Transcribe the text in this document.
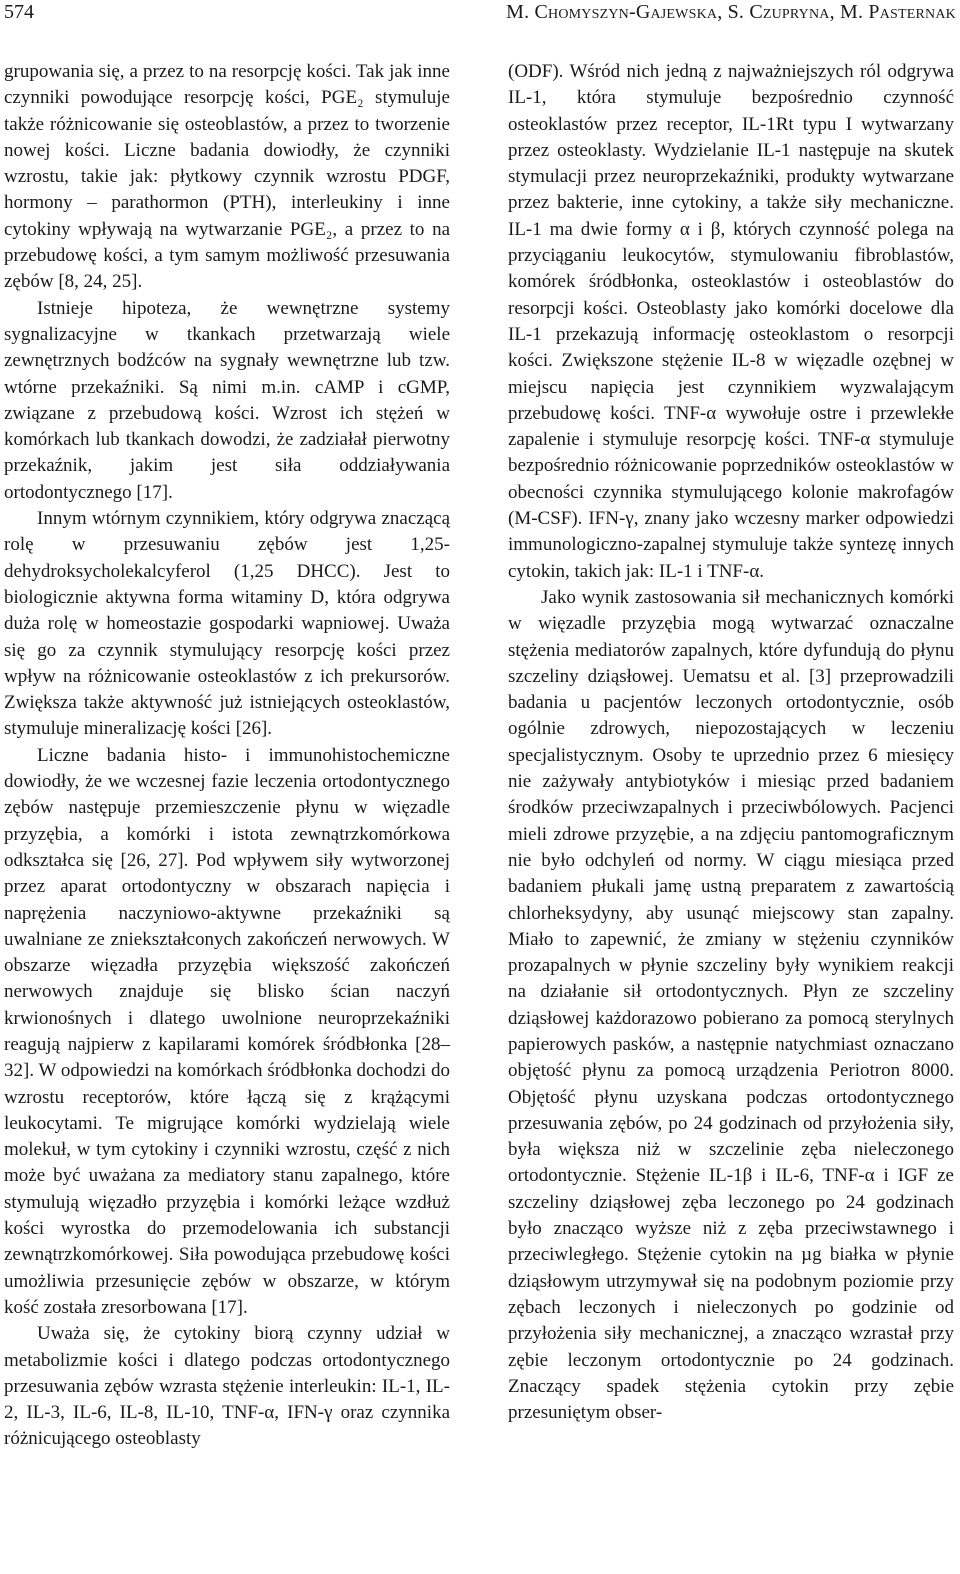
574	M. Chomyszyn-Gajewska, S. Czupryna, M. Pasternak

grupowania się, a przez to na resorpcję kości. Tak jak inne czynniki powodujące resorpcję kości, PGE₂ stymuluje także różnicowanie się osteoblastów, a przez to tworzenie nowej kości. Liczne badania dowiodły, że czynniki wzrostu, takie jak: płytkowy czynnik wzrostu PDGF, hormony – parathormon (PTH), interleukiny i inne cytokiny wpływają na wytwarzanie PGE₂, a przez to na przebudowę kości, a tym samym możliwość przesuwania zębów [8, 24, 25].

Istnieje hipoteza, że wewnętrzne systemy sygnalizacyjne w tkankach przetwarzają wiele zewnętrznych bodźców na sygnały wewnętrzne lub tzw. wtórne przekaźniki. Są nimi m.in. cAMP i cGMP, związane z przebudową kości. Wzrost ich stężeń w komórkach lub tkankach dowodzi, że zadziałał pierwotny przekaźnik, jakim jest siła oddziaływania ortodontycznego [17].

Innym wtórnym czynnikiem, który odgrywa znaczącą rolę w przesuwaniu zębów jest 1,25-dehydroksycholekalcyferol (1,25 DHCC). Jest to biologicznie aktywna forma witaminy D, która odgrywa duża rolę w homeostazie gospodarki wapniowej. Uważa się go za czynnik stymulujący resorpcję kości przez wpływ na różnicowanie osteoklastów z ich prekursorów. Zwiększa także aktywność już istniejących osteoklastów, stymuluje mineralizację kości [26].

Liczne badania histo- i immunohistochemiczne dowiodły, że we wczesnej fazie leczenia ortodontycznego zębów następuje przemieszczenie płynu w więzadle przyzębia, a komórki i istota zewnątrzkomórkowa odkształca się [26, 27]. Pod wpływem siły wytworzonej przez aparat ortodontyczny w obszarach napięcia i naprężenia naczyniowo-aktywne przekaźniki są uwalniane ze zniekształconych zakończeń nerwowych. W obszarze więzadła przyzębia większość zakończeń nerwowych znajduje się blisko ścian naczyń krwionośnych i dlatego uwolnione neuroprzekaźniki reagują najpierw z kapilarami komórek śródbłonka [28–32]. W odpowiedzi na komórkach śródbłonka dochodzi do wzrostu receptorów, które łączą się z krążącymi leukocytami. Te migrujące komórki wydzielają wiele molekuł, w tym cytokiny i czynniki wzrostu, część z nich może być uważana za mediatory stanu zapalnego, które stymulują więzadło przyzębia i komórki leżące wzdłuż kości wyrostka do przemodelowania ich substancji zewnątrzkomórkowej. Siła powodująca przebudowę kości umożliwia przesunięcie zębów w obszarze, w którym kość została zresorbowana [17].

Uważa się, że cytokiny biorą czynny udział w metabolizmie kości i dlatego podczas ortodontycznego przesuwania zębów wzrasta stężenie interleukin: IL-1, IL-2, IL-3, IL-6, IL-8, IL-10, TNF-α, IFN-γ oraz czynnika różnicującego osteoblasty

(ODF). Wśród nich jedną z najważniejszych ról odgrywa IL-1, która stymuluje bezpośrednio czynność osteoklastów przez receptor, IL-1Rt typu I wytwarzany przez osteoklasty. Wydzielanie IL-1 następuje na skutek stymulacji przez neuroprzekaźniki, produkty wytwarzane przez bakterie, inne cytokiny, a także siły mechaniczne. IL-1 ma dwie formy α i β, których czynność polega na przyciąganiu leukocytów, stymulowaniu fibroblastów, komórek śródbłonka, osteoklastów i osteoblastów do resorpcji kości. Osteoblasty jako komórki docelowe dla IL-1 przekazują informację osteoklastom o resorpcji kości. Zwiększone stężenie IL-8 w więzadle ozębnej w miejscu napięcia jest czynnikiem wyzwalającym przebudowę kości. TNF-α wywołuje ostre i przewlekłe zapalenie i stymuluje resorpcję kości. TNF-α stymuluje bezpośrednio różnicowanie poprzedników osteoklastów w obecności czynnika stymulującego kolonie makrofagów (M-CSF). IFN-γ, znany jako wczesny marker odpowiedzi immunologiczno-zapalnej stymuluje także syntezę innych cytokin, takich jak: IL-1 i TNF-α.

Jako wynik zastosowania sił mechanicznych komórki w więzadle przyzębia mogą wytwarzać oznaczalne stężenia mediatorów zapalnych, które dyfundują do płynu szczeliny dziąsłowej. Uematsu et al. [3] przeprowadzili badania u pacjentów leczonych ortodontycznie, osób ogólnie zdrowych, niepozostających w leczeniu specjalistycznym. Osoby te uprzednio przez 6 miesięcy nie zażywały antybiotyków i miesiąc przed badaniem środków przeciwzapalnych i przeciwbólowych. Pacjenci mieli zdrowe przyzębie, a na zdjęciu pantomograficznym nie było odchyleń od normy. W ciągu miesiąca przed badaniem płukali jamę ustną preparatem z zawartością chlorheksydyny, aby usunąć miejscowy stan zapalny. Miało to zapewnić, że zmiany w stężeniu czynników prozapalnych w płynie szczeliny były wynikiem reakcji na działanie sił ortodontycznych. Płyn ze szczeliny dziąsłowej każdorazowo pobierano za pomocą sterylnych papierowych pasków, a następnie natychmiast oznaczano objętość płynu za pomocą urządzenia Periotron 8000. Objętość płynu uzyskana podczas ortodontycznego przesuwania zębów, po 24 godzinach od przyłożenia siły, była większa niż w szczelinie zęba nieleczonego ortodontycznie. Stężenie IL-1β i IL-6, TNF-α i IGF ze szczeliny dziąsłowej zęba leczonego po 24 godzinach było znacząco wyższe niż z zęba przeciwstawnego i przeciwległego. Stężenie cytokin na µg białka w płynie dziąsłowym utrzymywał się na podobnym poziomie przy zębach leczonych i nieleczonych po godzinie od przyłożenia siły mechanicznej, a znacząco wzrastał przy zębie leczonym ortodontycznie po 24 godzinach. Znaczący spadek stężenia cytokin przy zębie przesuniętym obser-
